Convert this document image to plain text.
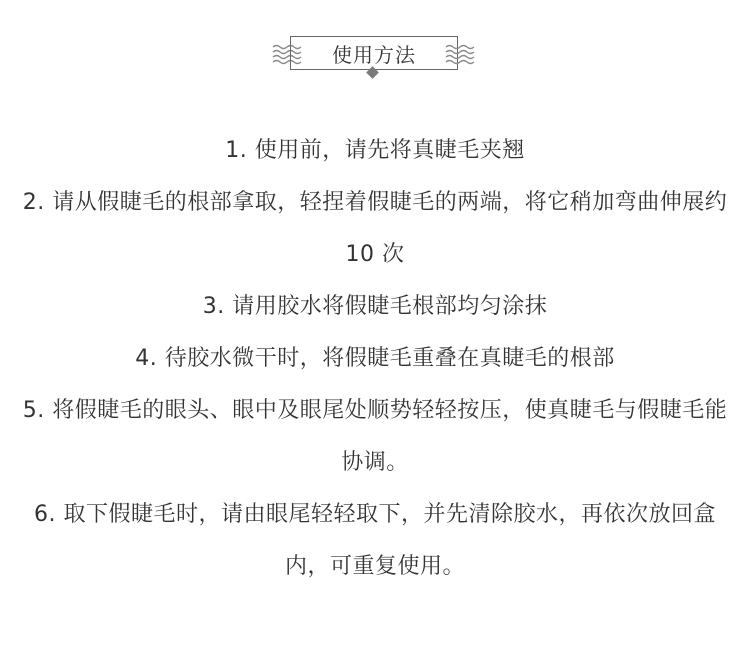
使用方法

1. 使用前，请先将真睫毛夹翘

2. 请从假睫毛的根部拿取，轻捏着假睫毛的两端，将它稍加弯曲伸展约 10 次

3. 请用胶水将假睫毛根部均匀涂抹

4. 待胶水微干时，将假睫毛重叠在真睫毛的根部

5. 将假睫毛的眼头、眼中及眼尾处顺势轻轻按压，使真睫毛与假睫毛能协调。

6. 取下假睫毛时，请由眼尾轻轻取下，并先清除胶水，再依次放回盒内，可重复使用。
